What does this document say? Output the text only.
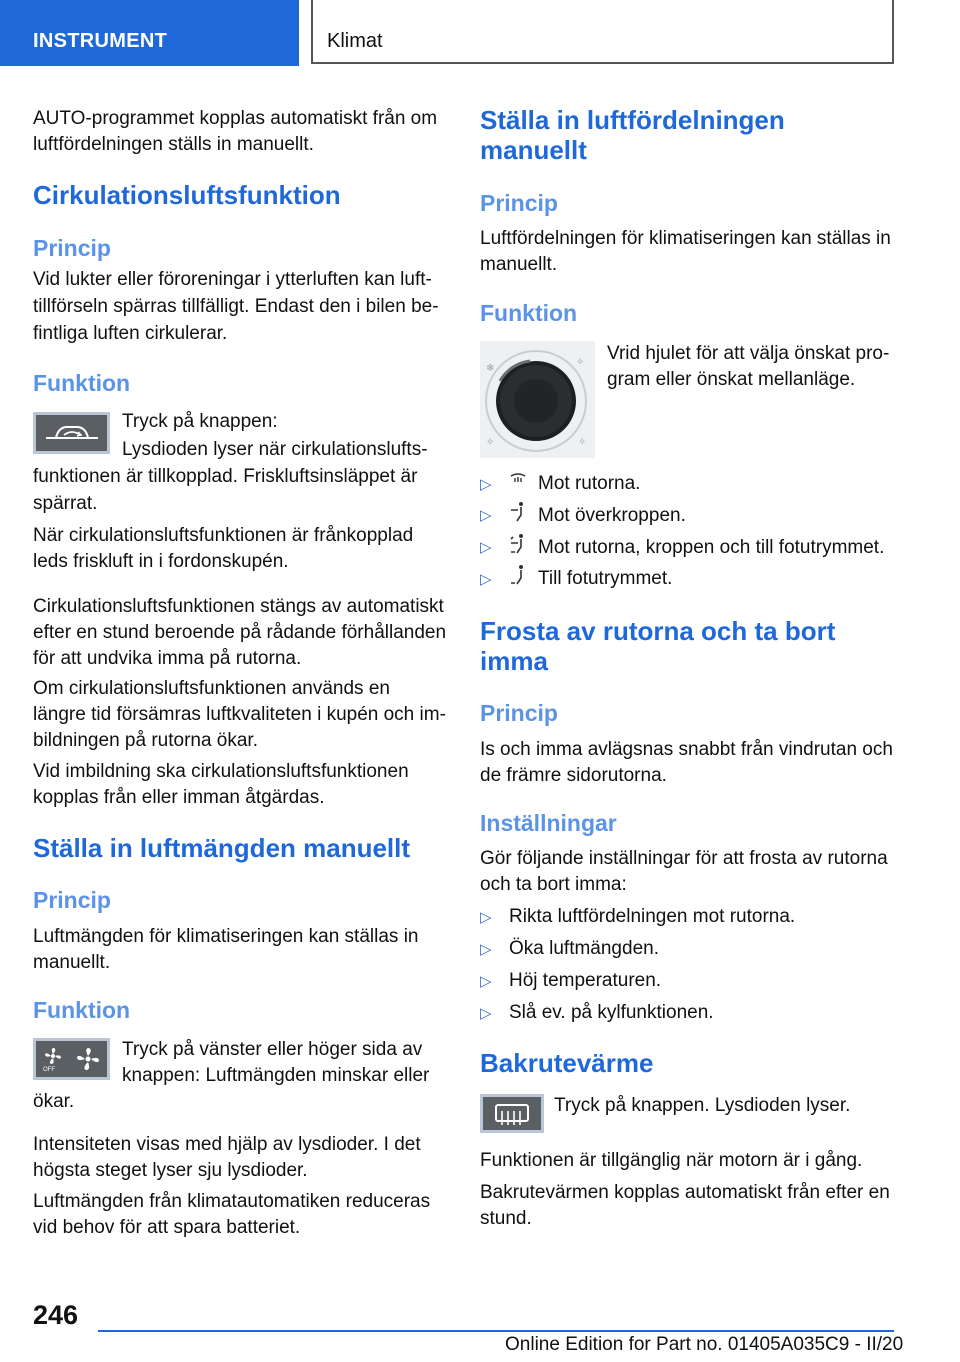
INSTRUMENT	Klimat

AUTO-programmet kopplas automatiskt från om

luftfördelningen ställs in manuellt.

Cirkulationsluftsfunktion
Princip

Vid lukter eller föroreningar i ytterluften kan luft-

tillförseln spärras tillfälligt. Endast den i bilen be-

fintliga luften cirkulerar.

Funktion

Tryck på knappen:

Lysdioden lyser när cirkulationslufts-

funktionen är tillkopplad. Friskluftsinsläppet är

spärrat.

När cirkulationsluftsfunktionen är frånkopplad

leds friskluft in i fordonskupén.

Cirkulationsluftsfunktionen stängs av automatiskt

efter en stund beroende på rådande förhållanden

för att undvika imma på rutorna.

Om cirkulationsluftsfunktionen används en

längre tid försämras luftkvaliteten i kupén och im-

bildningen på rutorna ökar.

Vid imbildning ska cirkulationsluftsfunktionen

kopplas från eller imman åtgärdas.

Ställa in luftmängden manuellt
Princip

Luftmängden för klimatiseringen kan ställas in

manuellt.

Funktion
OFF

Tryck på vänster eller höger sida av

knappen: Luftmängden minskar eller

ökar.

Intensiteten visas med hjälp av lysdioder. I det

högsta steget lyser sju lysdioder.

Luftmängden från klimatautomatiken reduceras

vid behov för att spara batteriet.

Ställa in luftfördelningen
manuellt
Princip

Luftfördelningen för klimatiseringen kan ställas in

manuellt.

Funktion
❄
✧
✧
✧

Vrid hjulet för att välja önskat pro-

gram eller önskat mellanläge.

▷ Mot rutorna.

▷ Mot överkroppen.

▷ Mot rutorna, kroppen och till fotutrymmet.

▷ Till fotutrymmet.

Frosta av rutorna och ta bort
imma
Princip

Is och imma avlägsnas snabbt från vindrutan och

de främre sidorutorna.

Inställningar

Gör följande inställningar för att frosta av rutorna

och ta bort imma:

▷ Rikta luftfördelningen mot rutorna.

▷ Öka luftmängden.

▷ Höj temperaturen.

▷ Slå ev. på kylfunktionen.

Bakrutevärme

Tryck på knappen. Lysdioden lyser.

Funktionen är tillgänglig när motorn är i gång.

Bakrutevärmen kopplas automatiskt från efter en

stund.

246
Online Edition for Part no. 01405A035C9 - II/20
